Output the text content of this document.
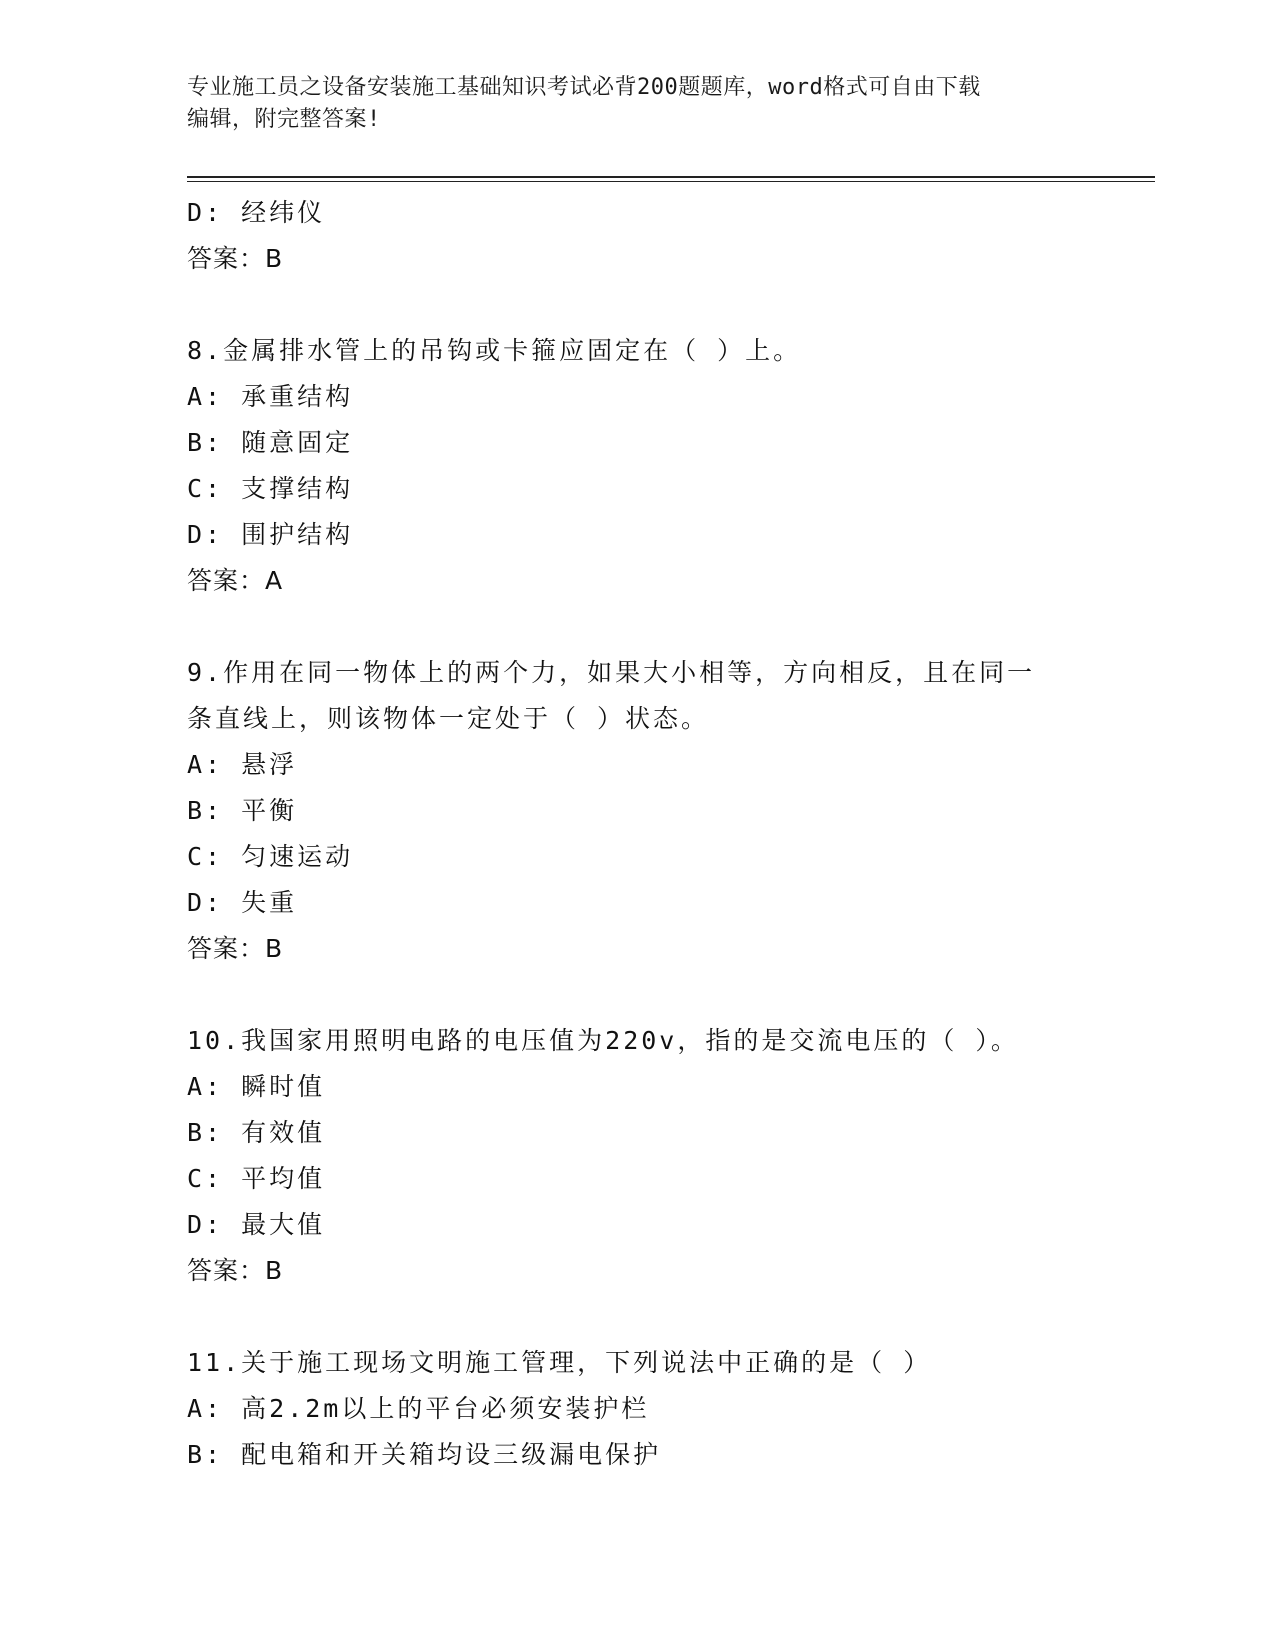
专业施工员之设备安装施工基础知识考试必背200题题库，word格式可自由下载
编辑，附完整答案!
D: 经纬仪
答案：B
8.金属排水管上的吊钩或卡箍应固定在（ ）上。
A: 承重结构
B: 随意固定
C: 支撑结构
D: 围护结构
答案：A
9.作用在同一物体上的两个力，如果大小相等，方向相反，且在同一
条直线上，则该物体一定处于（ ）状态。
A: 悬浮
B: 平衡
C: 匀速运动
D: 失重
答案：B
10.我国家用照明电路的电压值为220v，指的是交流电压的（ ）。
A: 瞬时值
B: 有效值
C: 平均值
D: 最大值
答案：B
11.关于施工现场文明施工管理，下列说法中正确的是（ ）
A: 高2.2m以上的平台必须安装护栏
B: 配电箱和开关箱均设三级漏电保护
